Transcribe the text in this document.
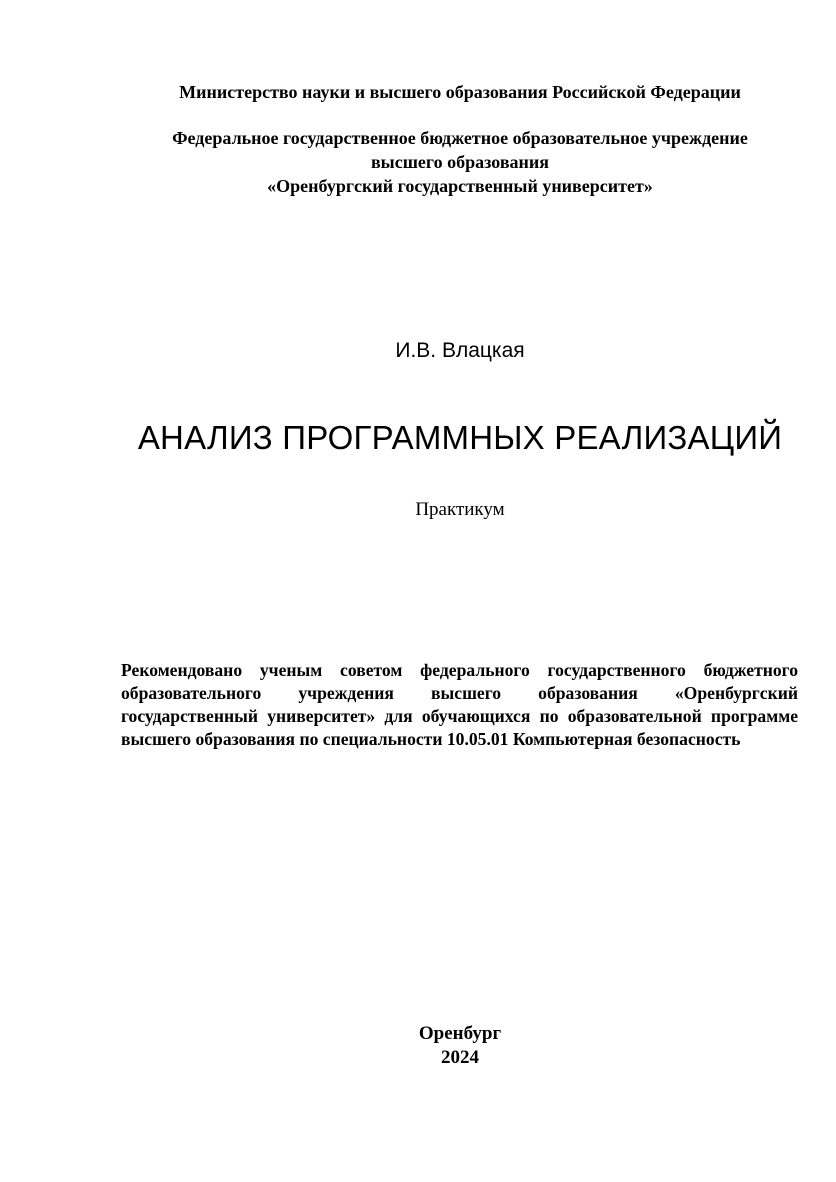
Министерство науки и высшего образования Российской Федерации
Федеральное государственное бюджетное образовательное учреждение
высшего образования
«Оренбургский государственный университет»
И.В. Влацкая
АНАЛИЗ ПРОГРАММНЫХ РЕАЛИЗАЦИЙ
Практикум
Рекомендовано ученым советом федерального государственного бюджетного образовательного учреждения высшего образования «Оренбургский государственный университет» для обучающихся по образовательной программе высшего образования по специальности 10.05.01 Компьютерная безопасность
Оренбург
2024
